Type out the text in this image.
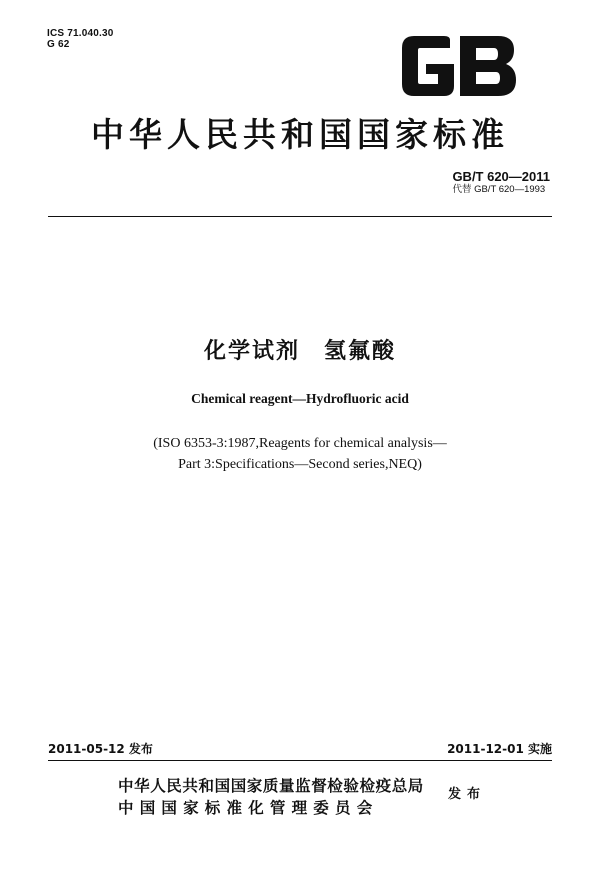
ICS 71.040.30
G 62
中华人民共和国国家标准
GB/T 620—2011
代替 GB/T 620—1993
化学试剂　氢氟酸
Chemical reagent—Hydrofluoric acid
(ISO 6353-3:1987,Reagents for chemical analysis—
Part 3:Specifications—Second series,NEQ)
2011-05-12 发布	2011-12-01 实施
中华人民共和国国家质量监督检验检疫总局
中国国家标准化管理委员会
发布
